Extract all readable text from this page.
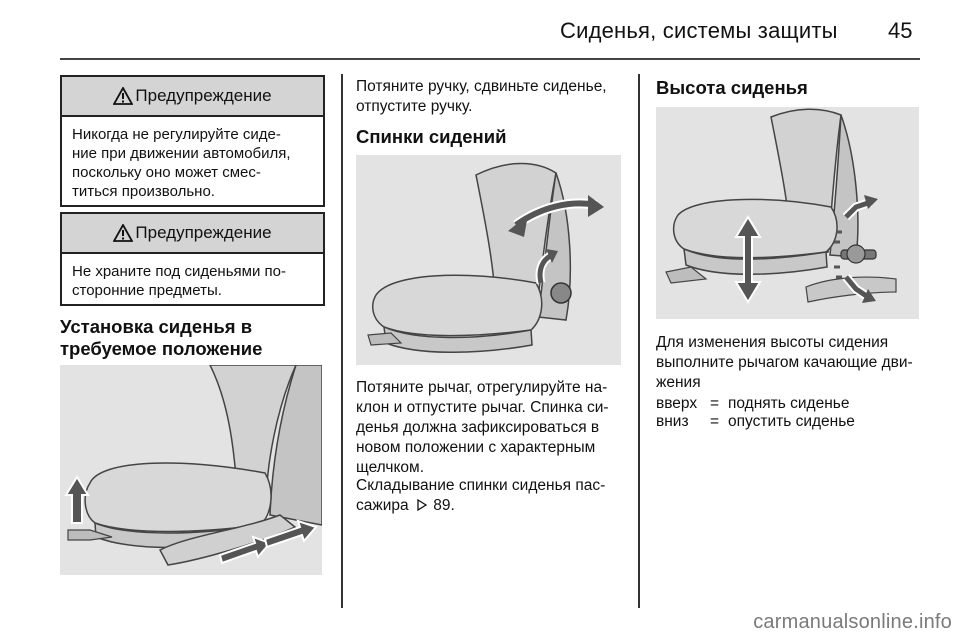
Сиденья, системы защиты 45
Предупреждение
Никогда не регулируйте сиде-
ние при движении автомобиля,
поскольку оно может смес-
титься произвольно.
Предупреждение
Не храните под сиденьями по-
сторонние предметы.
Установка сиденья в
требуемое положение
Потяните ручку, сдвиньте сиденье,
отпустите ручку.
Спинки сидений
Потяните рычаг, отрегулируйте на-
клон и отпустите рычаг. Спинка си-
денья должна зафиксироваться в
новом положении с характерным
щелчком.
Складывание спинки сиденья пас-
сажира 89.
Высота сиденья
Для изменения высоты сидения
выполните рычагом качающие дви-
жения
вверх = поднять сиденье
вниз = опустить сиденье
carmanualsonline.info
